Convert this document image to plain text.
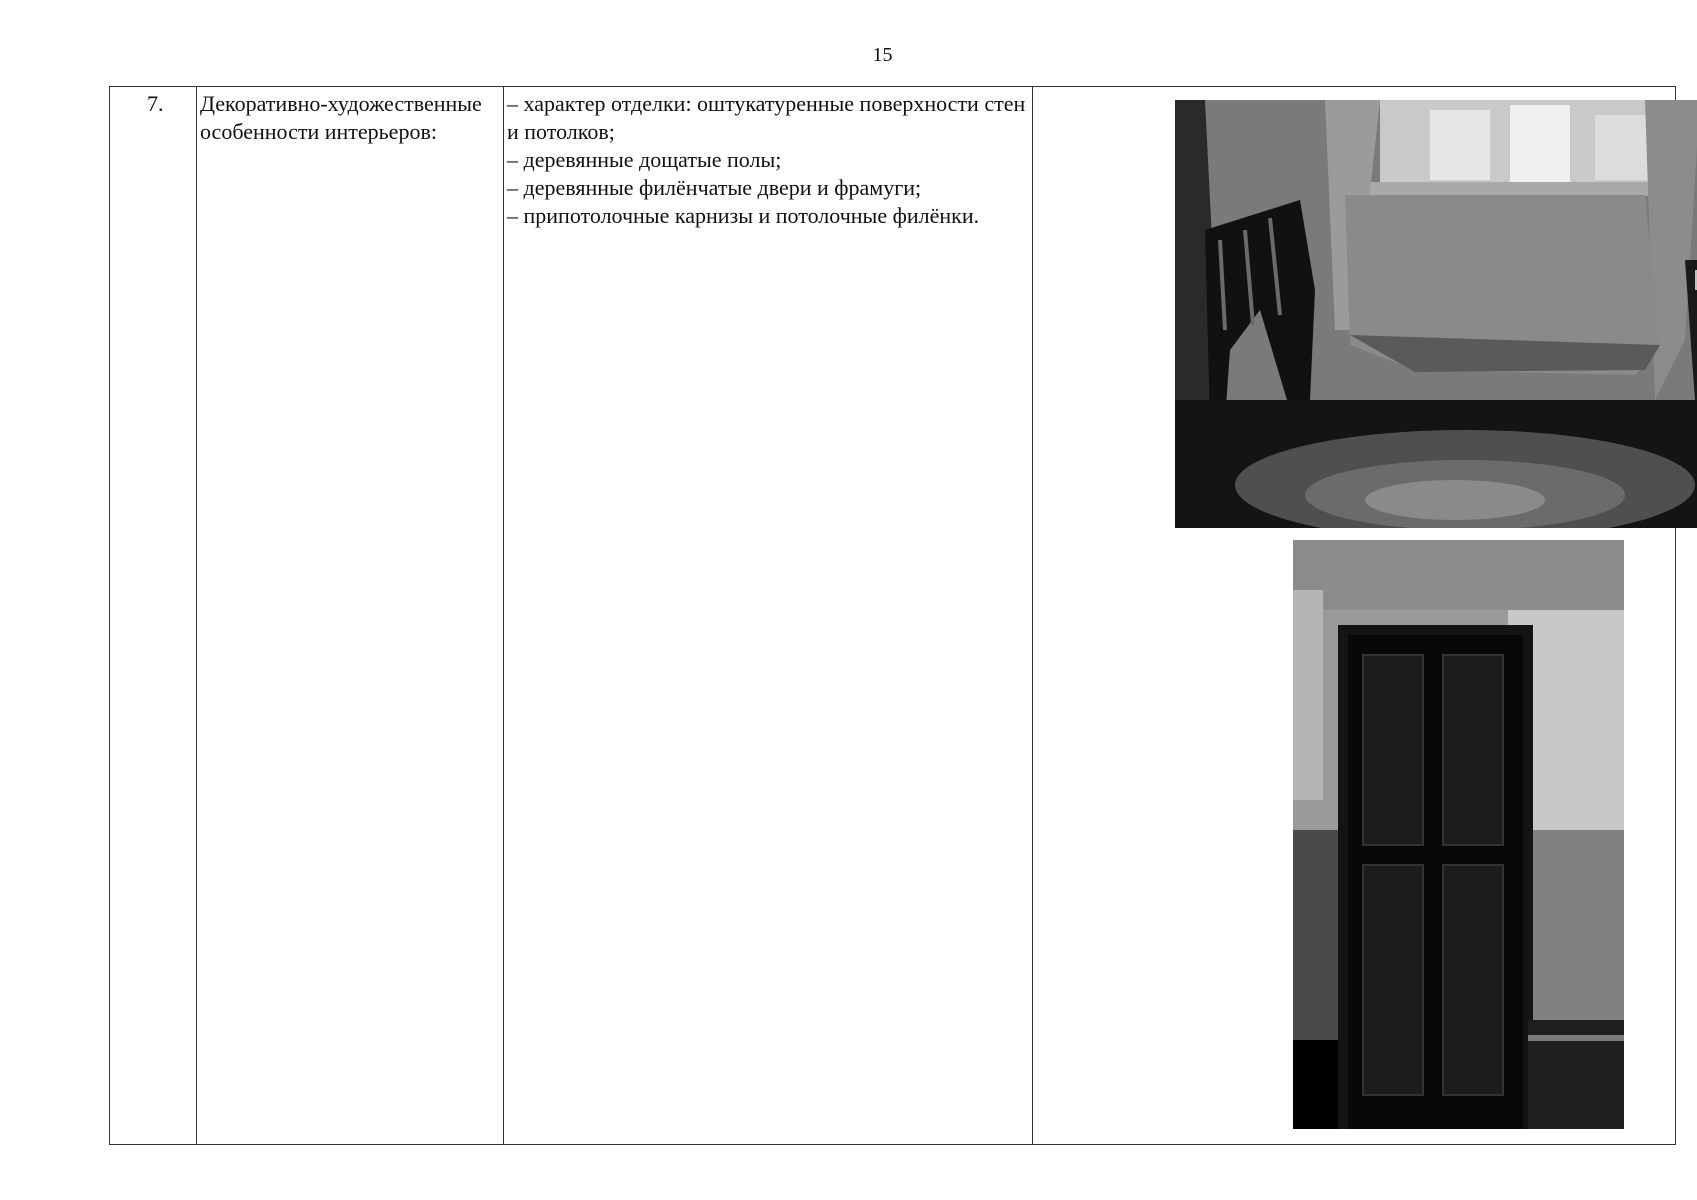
15

7. Декоративно-художественные особенности интерьеров:

– характер отделки: оштукатуренные поверхности стен и потолков;
– деревянные дощатые полы;
– деревянные филёнчатые двери и фрамуги;
– припотолочные карнизы и потолочные филёнки.
